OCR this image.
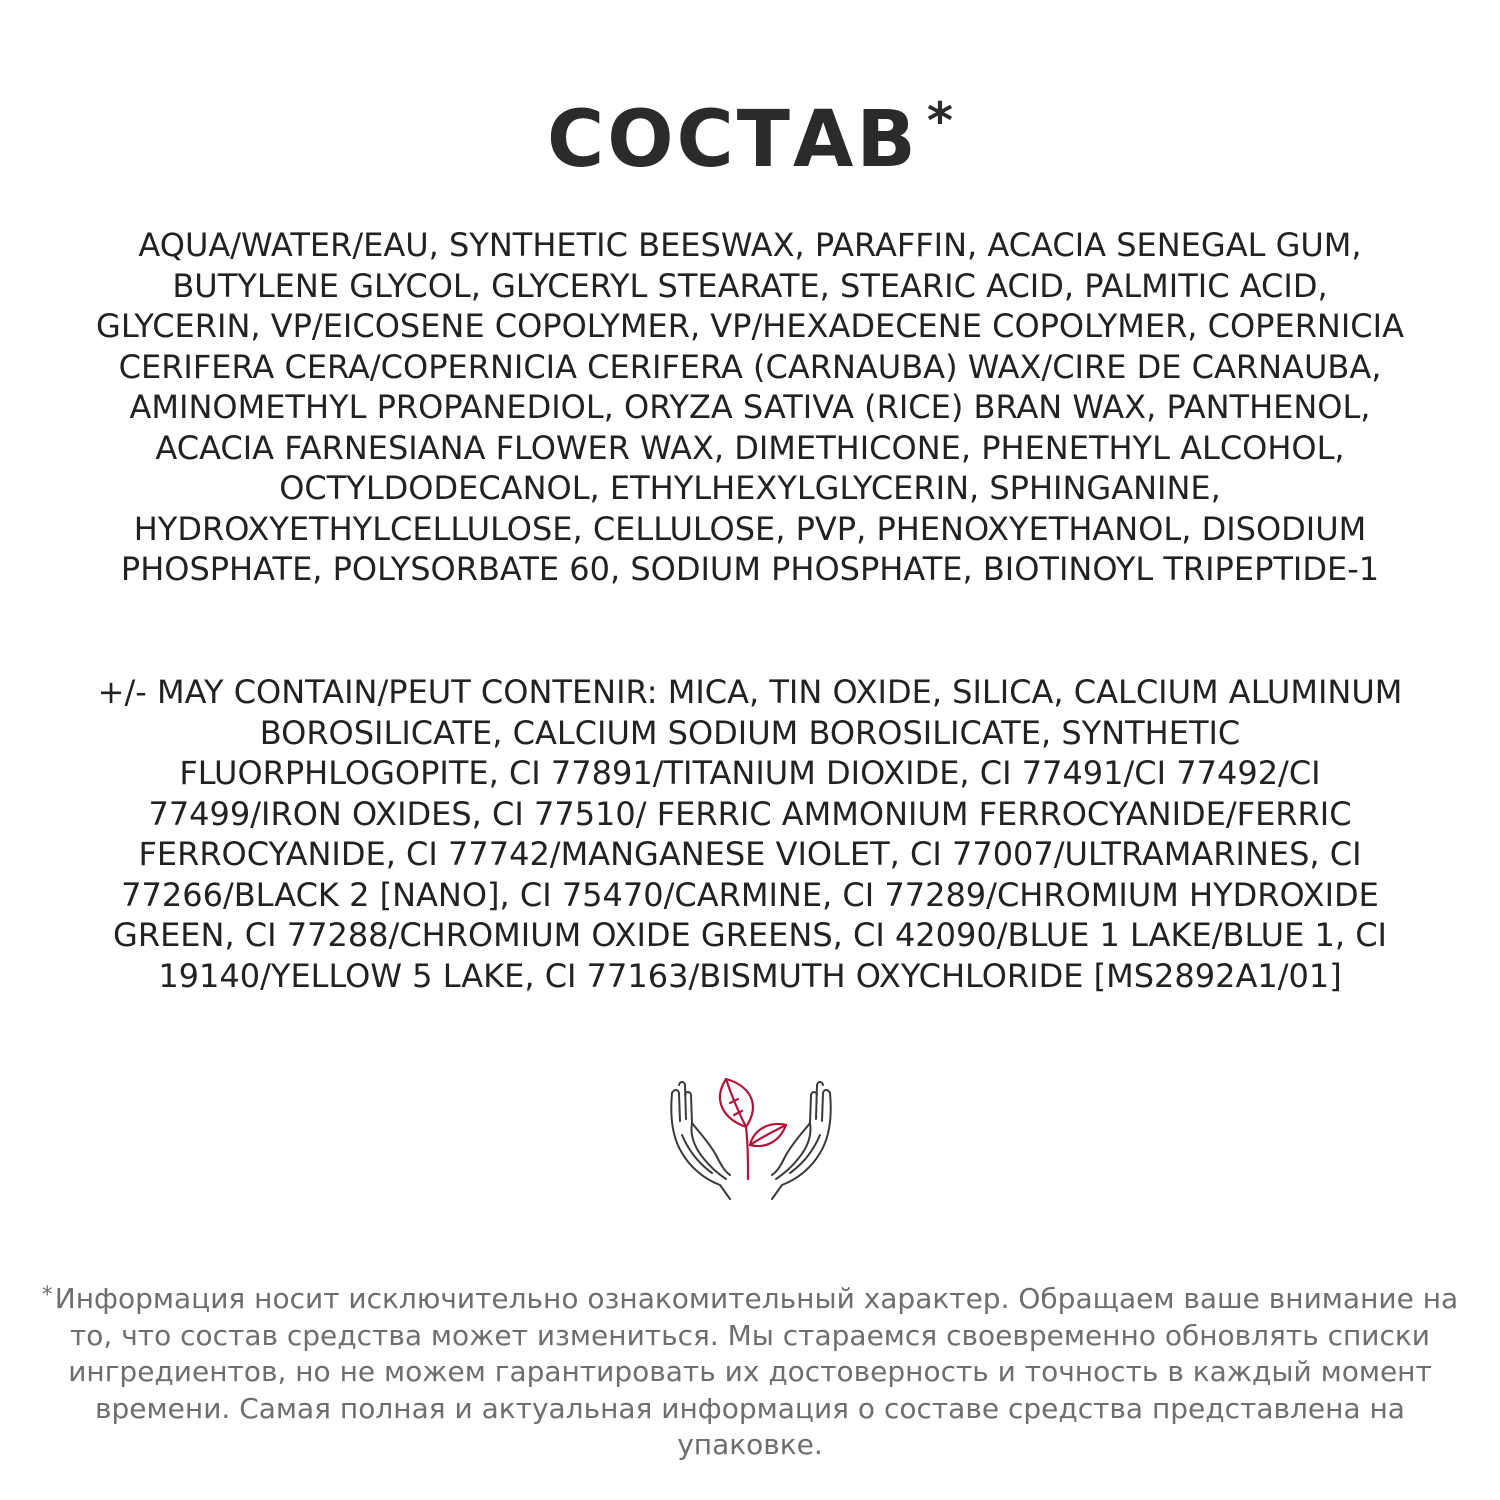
СОСТАВ *
AQUA/WATER/EAU, SYNTHETIC BEESWAX, PARAFFIN, ACACIA SENEGAL GUM, BUTYLENE GLYCOL, GLYCERYL STEARATE, STEARIC ACID, PALMITIC ACID, GLYCERIN, VP/EICOSENE COPOLYMER, VP/HEXADECENE COPOLYMER, COPERNICIA CERIFERA CERA/COPERNICIA CERIFERA (CARNAUBA) WAX/CIRE DE CARNAUBA, AMINOMETHYL PROPANEDIOL, ORYZA SATIVA (RICE) BRAN WAX, PANTHENOL, ACACIA FARNESIANA FLOWER WAX, DIMETHICONE, PHENETHYL ALCOHOL, OCTYLDODECANOL, ETHYLHEXYLGLYCERIN, SPHINGANINE, HYDROXYETHYLCELLULOSE, CELLULOSE, PVP, PHENOXYETHANOL, DISODIUM PHOSPHATE, POLYSORBATE 60, SODIUM PHOSPHATE, BIOTINOYL TRIPEPTIDE-1
+/- MAY CONTAIN/PEUT CONTENIR: MICA, TIN OXIDE, SILICA, CALCIUM ALUMINUM BOROSILICATE, CALCIUM SODIUM BOROSILICATE, SYNTHETIC FLUORPHLOGOPITE, CI 77891/TITANIUM DIOXIDE, CI 77491/CI 77492/CI 77499/IRON OXIDES, CI 77510/ FERRIC AMMONIUM FERROCYANIDE/FERRIC FERROCYANIDE, CI 77742/MANGANESE VIOLET, CI 77007/ULTRAMARINES, CI 77266/BLACK 2 [NANO], CI 75470/CARMINE, CI 77289/CHROMIUM HYDROXIDE GREEN, CI 77288/CHROMIUM OXIDE GREENS, CI 42090/BLUE 1 LAKE/BLUE 1, CI 19140/YELLOW 5 LAKE, CI 77163/BISMUTH OXYCHLORIDE [MS2892A1/01]
*Информация носит исключительно ознакомительный характер. Обращаем ваше внимание на то, что состав средства может измениться. Мы стараемся своевременно обновлять списки ингредиентов, но не можем гарантировать их достоверность и точность в каждый момент времени. Самая полная и актуальная информация о составе средства представлена на упаковке.
